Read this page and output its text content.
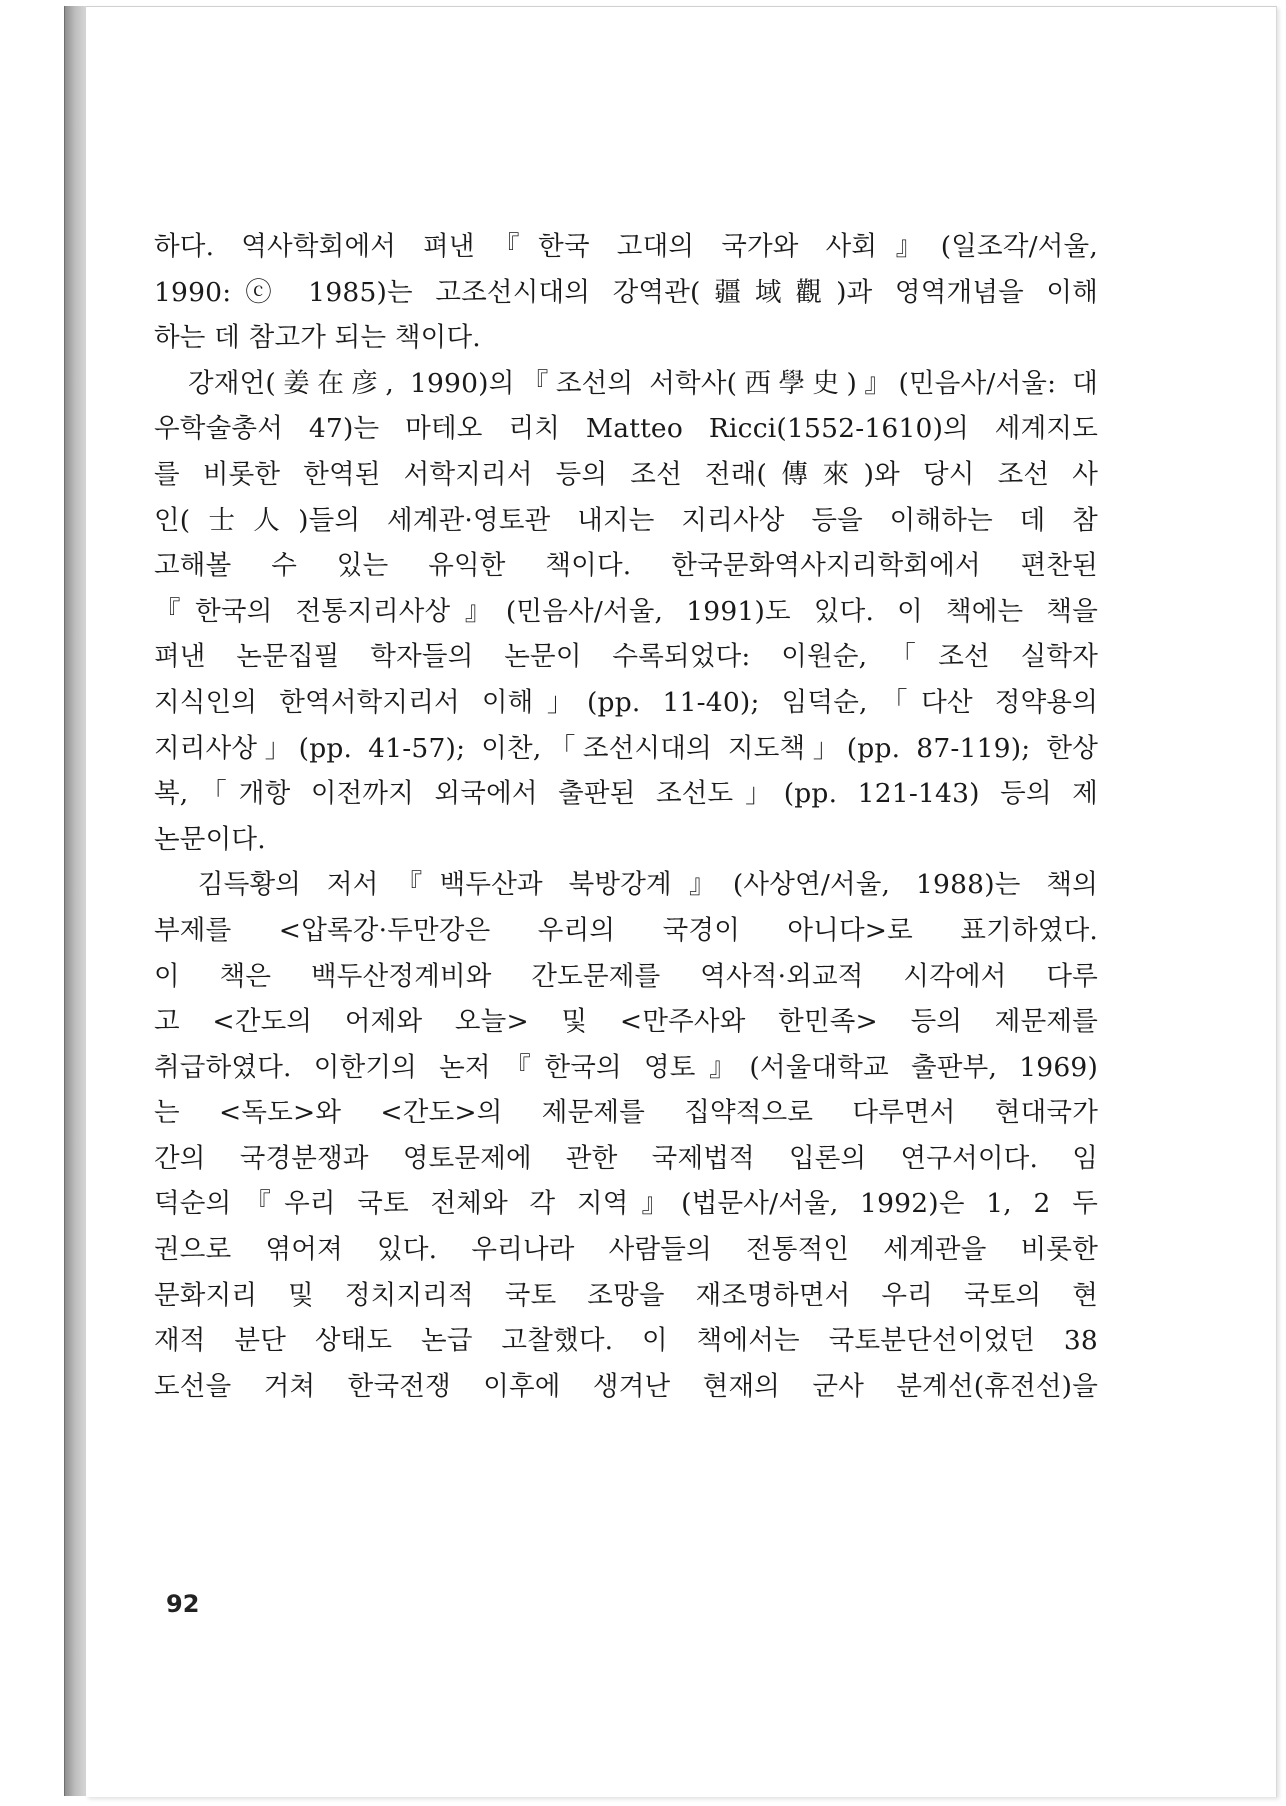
하다. 역사학회에서 펴낸『한국 고대의 국가와 사회』(일조각/서울,
1990:ⓒ 1985)는 고조선시대의 강역관(疆域觀)과 영역개념을 이해
하는 데 참고가 되는 책이다.
　강재언(姜在彦, 1990)의『조선의 서학사(西學史)』(민음사/서울: 대
우학술총서 47)는 마테오 리치 Matteo Ricci(1552-1610)의 세계지도
를 비롯한 한역된 서학지리서 등의 조선 전래(傳來)와 당시 조선 사
인(士人)들의 세계관·영토관 내지는 지리사상 등을 이해하는 데 참
고해볼 수 있는 유익한 책이다. 한국문화역사지리학회에서 편찬된
『한국의 전통지리사상』(민음사/서울, 1991)도 있다. 이 책에는 책을
펴낸 논문집필 학자들의 논문이 수록되었다: 이원순,「조선 실학자
지식인의 한역서학지리서 이해」(pp. 11-40); 임덕순,「다산 정약용의
지리사상」(pp. 41-57); 이찬,「조선시대의 지도책」(pp. 87-119); 한상
복,「개항 이전까지 외국에서 출판된 조선도」(pp. 121-143) 등의 제
논문이다.
　김득황의 저서『백두산과 북방강계』(사상연/서울, 1988)는 책의
부제를 <압록강·두만강은 우리의 국경이 아니다>로 표기하였다.
이 책은 백두산정계비와 간도문제를 역사적·외교적 시각에서 다루
고 <간도의 어제와 오늘> 및 <만주사와 한민족> 등의 제문제를
취급하였다. 이한기의 논저『한국의 영토』(서울대학교 출판부, 1969)
는 <독도>와 <간도>의 제문제를 집약적으로 다루면서 현대국가
간의 국경분쟁과 영토문제에 관한 국제법적 입론의 연구서이다. 임
덕순의『우리 국토 전체와 각 지역』(법문사/서울, 1992)은 1, 2 두
권으로 엮어져 있다. 우리나라 사람들의 전통적인 세계관을 비롯한
문화지리 및 정치지리적 국토 조망을 재조명하면서 우리 국토의 현
재적 분단 상태도 논급 고찰했다. 이 책에서는 국토분단선이었던 38
도선을 거쳐 한국전쟁 이후에 생겨난 현재의 군사 분계선(휴전선)을
92
